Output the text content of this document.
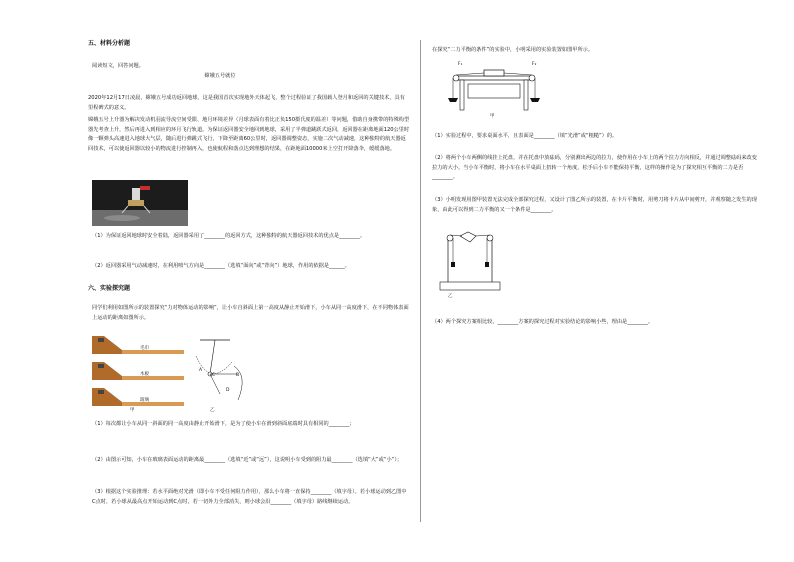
五、材料分析题
阅读短文，回答问题。
嫦娥五号就位
2020年12月17日凌晨，嫦娥五号成功返回地球，这是我国首次实现地外天体起飞，整个过程验证了我国载人登月和返回的关键技术，具有里程碑式的意义。
嫦娥五号上升器为解决发动机羽流导流空间受限、地月环境差异（月球表面有着比正负150摄氏度的温差）等问题，借助自身携带的特殊构型器先考查上升，然后再进入到相应的环月飞行轨道。为保证返回器安全地回到地球，采用了半弹道跳跃式返回，返回器在距离地面120公里时像一颗弹头高速进入地球大气层，随后进行弹跳式飞行，下降至距离60公里时，返回器调整姿态，实施二次气动减速，这种独特的航天器返回技术，可以使返回器以较小的物流进行控制再入，也使航程和落点达到理想的结果，在距地面10000米上空打开降落伞，缓缓落地。
（1）为保证返回地球时安全着陆，返回器采用了________的返回方式，这种独特的航天器返回技术的优点是________。
（2）返回器采用气动减速时，在利用喷气方向是________（选填“面向”或“背向”）地球，作用的依据是______。
六、实验探究题
同学们利用如图所示的装置探究“力对物体运动的影响”，让小车自斜面上第一高度从静止开始滑下，小车从同一高度滑下，在不同物体表面上运动的距离如图所示。
毛巾
木板
玻璃
甲
A
C	B
D
乙
（1）每次都让小车从同一斜面的同一高度由静止开始滑下，是为了使小车在滑到斜面底端时具有相同的________；
（2）由图示可知，小车在玻璃表面运动的距离最________（选填“近”或“远”），这说明小车受到的阻力最________（选填“大”或“小”）；
（3）根据这个实验推理：若水平面绝对光滑（即小车不受任何阻力作用），那么小车将一直保持________（填字母）。若小球运动到乙图中C点时，若小球从最高点开始运动到C点时，若一切外力全部消失，则小球会沿________（填字母）路线继续运动。
在探究“二力平衡的条件”的实验中，小明采用的实验装置如图甲所示。
F₁	F₂
甲
（1）实验过程中，要求桌面水平，且表面是________（填“光滑”或“粗糙”）的。
（2）将两个小车两侧的线挂上托盘，并在托盘中放砝码，分别测出两边的拉力，使作用在小车上的两个拉力方向相反，并通过调整砝码来改变拉力的大小。当小车平衡时，将小车在水平桌面上扭转一个角度，松手后小车不能保持平衡，这样的操作是为了探究相互平衡的二力是否________。
（3）小明发现用图甲装置无法完成全部探究过程，又设计了图乙所示的装置，在卡片平衡时，用剪刀将卡片从中间剪开，并观察随之发生的现象，由此可以得到二力平衡的又一个条件是________。
乙
（4）两个探究方案相比较，________方案的探究过程对实验结论的影响小些，理由是________。
